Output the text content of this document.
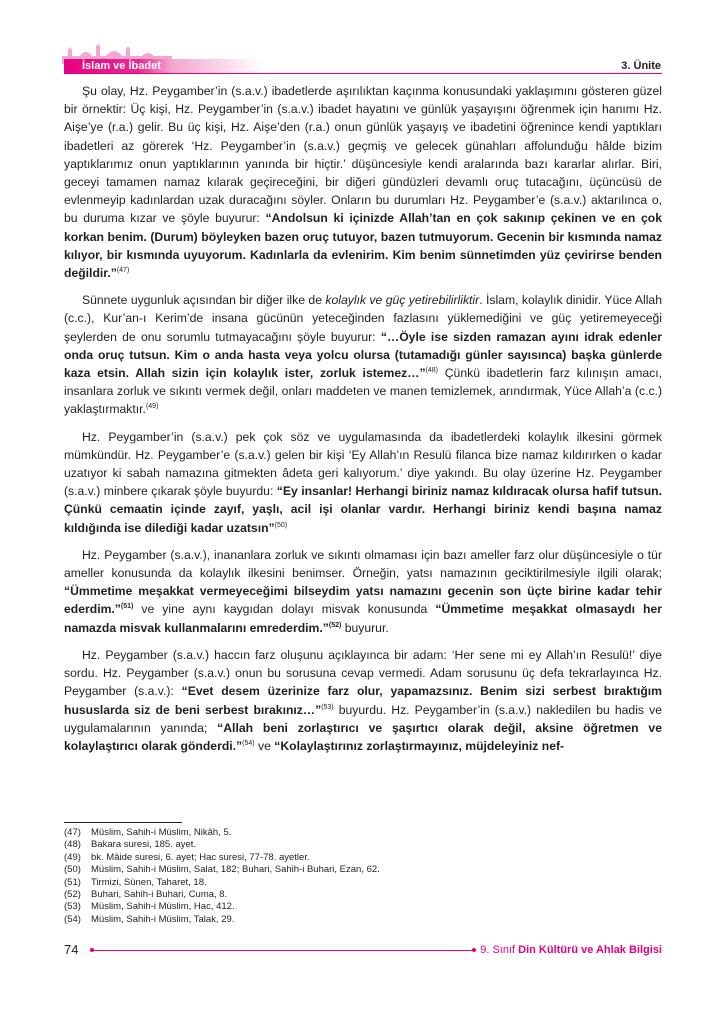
İslam ve İbadet	3. Ünite

Şu olay, Hz. Peygamber’in (s.a.v.) ibadetlerde aşırılıktan kaçınma konusundaki yaklaşımını gösteren güzel bir örnektir: Üç kişi, Hz. Peygamber’in (s.a.v.) ibadet hayatını ve günlük yaşayışını öğrenmek için hanımı Hz. Aişe’ye (r.a.) gelir. Bu üç kişi, Hz. Aişe’den (r.a.) onun günlük yaşayış ve ibadetini öğrenince kendi yaptıkları ibadetleri az görerek ‘Hz. Peygamber’in (s.a.v.) geçmiş ve gelecek günahları affolunduğu hâlde bizim yaptıklarımız onun yaptıklarının yanında bir hiçtir.’ düşüncesiyle kendi aralarında bazı kararlar alırlar. Biri, geceyi tamamen namaz kılarak geçireceğini, bir diğeri gündüzleri devamlı oruç tutacağını, üçüncüsü de evlenmeyip kadınlardan uzak duracağını söyler. Onların bu durumları Hz. Peygamber’e (s.a.v.) aktarılınca o, bu duruma kızar ve şöyle buyurur: “Andolsun ki içinizde Allah’tan en çok sakınıp çekinen ve en çok korkan benim. (Durum) böyleyken bazen oruç tutuyor, bazen tutmuyorum. Gecenin bir kısmında namaz kılıyor, bir kısmında uyuyorum. Kadınlarla da evlenirim. Kim benim sünnetimden yüz çevirirse benden değildir.”$^{(47)}$

Sünnete uygunluk açısından bir diğer ilke de kolaylık ve güç yetirebilirliktir. İslam, kolaylık dinidir. Yüce Allah (c.c.), Kur’an-ı Kerim’de insana gücünün yeteceğinden fazlasını yüklemediğini ve güç yetiremeyeceği şeylerden de onu sorumlu tutmayacağını şöyle buyurur: “…Öyle ise sizden ramazan ayını idrak edenler onda oruç tutsun. Kim o anda hasta veya yolcu olursa (tutamadığı günler sayısınca) başka günlerde kaza etsin. Allah sizin için kolaylık ister, zorluk istemez…”$^{(48)}$ Çünkü ibadetlerin farz kılınışın amacı, insanlara zorluk ve sıkıntı vermek değil, onları maddeten ve manen temizlemek, arındırmak, Yüce Allah’a (c.c.) yaklaştırmaktır.$^{(49)}$

Hz. Peygamber’in (s.a.v.) pek çok söz ve uygulamasında da ibadetlerdeki kolaylık ilkesini görmek mümkündür. Hz. Peygamber’e (s.a.v.) gelen bir kişi ‘Ey Allah’ın Resulü filanca bize namaz kıldırırken o kadar uzatıyor ki sabah namazına gitmekten âdeta geri kalıyorum.’ diye yakındı. Bu olay üzerine Hz. Peygamber (s.a.v.) minbere çıkarak şöyle buyurdu: “Ey insanlar! Herhangi biriniz namaz kıldıracak olursa hafif tutsun. Çünkü cemaatin içinde zayıf, yaşlı, acil işi olanlar vardır. Herhangi biriniz kendi başına namaz kıldığında ise dilediği kadar uzatsın”$^{(50)}$

Hz. Peygamber (s.a.v.), inananlara zorluk ve sıkıntı olmaması için bazı ameller farz olur düşüncesiyle o tür ameller konusunda da kolaylık ilkesini benimser. Örneğin, yatsı namazının geciktirilmesiyle ilgili olarak; “Ümmetime meşakkat vermeyeceğimi bilseydim yatsı namazını gecenin son üçte birine kadar tehir ederdim.”$^{(51)}$ ve yine aynı kaygıdan dolayı misvak konusunda “Ümmetime meşakkat olmasaydı her namazda misvak kullanmalarını emrederdim.”$^{(52)}$ buyurur.

Hz. Peygamber (s.a.v.) haccın farz oluşunu açıklayınca bir adam: ‘Her sene mi ey Allah’ın Resulü!’ diye sordu. Hz. Peygamber (s.a.v.) onun bu sorusuna cevap vermedi. Adam sorusunu üç defa tekrarlayınca Hz. Peygamber (s.a.v.): “Evet desem üzerinize farz olur, yapamazsınız. Benim sizi serbest bıraktığım hususlarda siz de beni serbest bırakınız…”$^{(53)}$ buyurdu. Hz. Peygamber’in (s.a.v.) nakledilen bu hadis ve uygulamalarının yanında; “Allah beni zorlaştırıcı ve şaşırtıcı olarak değil, aksine öğretmen ve kolaylaştırıcı olarak gönderdi.”$^{(54)}$ ve “Kolaylaştırınız zorlaştırmayınız, müjdeleyiniz nef-

(47) Müslim, Sahih-i Müslim, Nikâh, 5.
(48) Bakara suresi, 185. ayet.
(49) bk. Mâide suresi, 6. ayet; Hac suresi, 77-78. ayetler.
(50) Müslim, Sahih-i Müslim, Salat, 182; Buhari, Sahih-i Buhari, Ezan, 62.
(51) Tirmizi, Sünen, Taharet, 18.
(52) Buhari, Sahih-i Buhari, Cuma, 8.
(53) Müslim, Sahih-i Müslim, Hac, 412.
(54) Müslim, Sahih-i Müslim, Talak, 29.
74	9. Sınıf Din Kültürü ve Ahlak Bilgisi
